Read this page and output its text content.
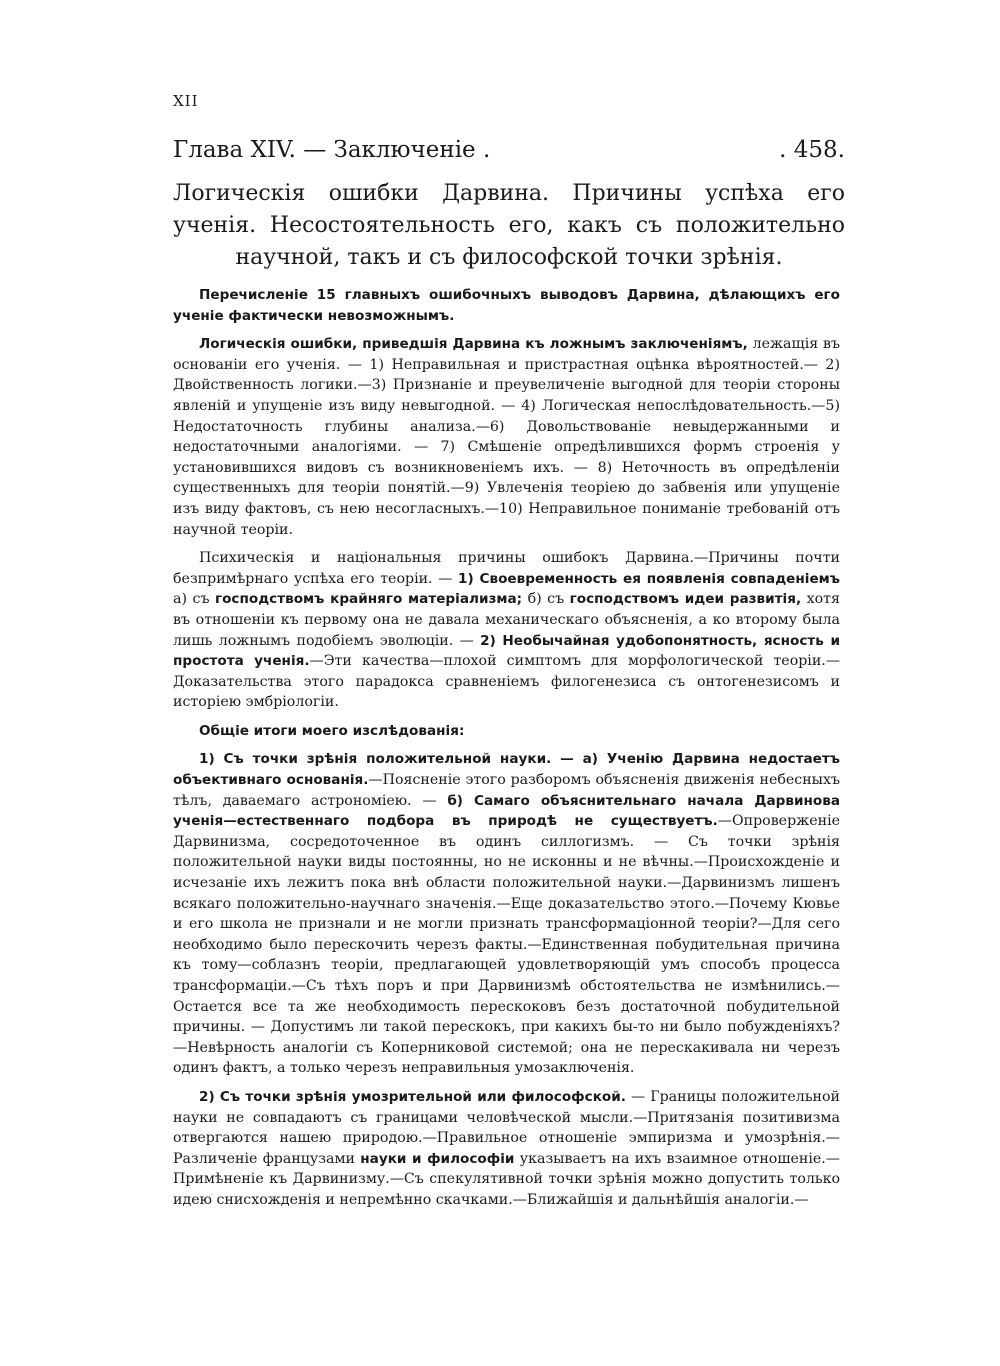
XII
Глава XIV. — Заключеніе .	. 458.
Логическія ошибки Дарвина. Причины успѣха его ученія. Несостоятельность его, какъ съ положительно научной, такъ и съ философской точки зрѣнія.

Перечисленіе 15 главныхъ ошибочныхъ выводовъ Дарвина, дѣлающихъ его ученіе фактически невозможнымъ.

Логическія ошибки, приведшія Дарвина къ ложнымъ заключеніямъ, лежащія въ основаніи его ученія. — 1) Неправильная и пристрастная оцѣнка вѣроятностей.— 2) Двойственность логики.—3) Признаніе и преувеличеніе выгодной для теоріи стороны явленій и упущеніе изъ виду невыгодной. — 4) Логическая непослѣдовательность.—5) Недостаточность глубины анализа.—6) Довольствованіе невыдержанными и недостаточными аналогіями. — 7) Смѣшеніе опредѣлившихся формъ строенія у установившихся видовъ съ возникновеніемъ ихъ. — 8) Неточность въ опредѣленіи существенныхъ для теоріи понятій.—9) Увлеченія теоріею до забвенія или упущеніе изъ виду фактовъ, съ нею несогласныхъ.—10) Неправильное пониманіе требованій отъ научной теоріи.

Психическія и національныя причины ошибокъ Дарвина.—Причины почти безпримѣрнаго успѣха его теоріи. — 1) Своевременность ея появленія совпаденіемъ а) съ господствомъ крайняго матеріализма; б) съ господствомъ идеи развитія, хотя въ отношеніи къ первому она не давала механическаго объясненія, а ко второму была лишь ложнымъ подобіемъ эволюціи. — 2) Необычайная удобопонятность, ясность и простота ученія.—Эти качества—плохой симптомъ для морфологической теоріи.—Доказательства этого парадокса сравненіемъ филогенезиса съ онтогенезисомъ и исторіею эмбріологіи.

Общіе итоги моего изслѣдованія:

1) Съ точки зрѣнія положительной науки. — а) Ученію Дарвина недостаетъ объективнаго основанія.—Поясненіе этого разборомъ объясненія движенія небесныхъ тѣлъ, даваемаго астрономіею. — б) Самаго объяснительнаго начала Дарвинова ученія—естественнаго подбора въ природѣ не существуетъ.—Опроверженіе Дарвинизма, сосредоточенное въ одинъ силлогизмъ. — Съ точки зрѣнія положительной науки виды постоянны, но не исконны и не вѣчны.—Происхожденіе и исчезаніе ихъ лежитъ пока внѣ области положительной науки.—Дарвинизмъ лишенъ всякаго положительно-научнаго значенія.—Еще доказательство этого.—Почему Кювье и его школа не признали и не могли признать трансформаціонной теоріи?—Для сего необходимо было перескочить черезъ факты.—Единственная побудительная причина къ тому—соблазнъ теоріи, предлагающей удовлетворяющій умъ способъ процесса трансформаціи.—Съ тѣхъ поръ и при Дарвинизмѣ обстоятельства не измѣнились.—Остается все та же необходимость перескоковъ безъ достаточной побудительной причины. — Допустимъ ли такой перескокъ, при какихъ бы-то ни было побужденіяхъ?—Невѣрность аналогіи съ Коперниковой системой; она не перескакивала ни черезъ одинъ фактъ, а только черезъ неправильныя умозаключенія.

2) Съ точки зрѣнія умозрительной или философской. — Границы положительной науки не совпадаютъ съ границами человѣческой мысли.—Притязанія позитивизма отвергаются нашею природою.—Правильное отношеніе эмпиризма и умозрѣнія.—Различеніе французами науки и философіи указываетъ на ихъ взаимное отношеніе.—Примѣненіе къ Дарвинизму.—Съ спекулятивной точки зрѣнія можно допустить только идею снисхожденія и непремѣнно скачками.—Ближайшія и дальнѣйшія аналогіи.—
